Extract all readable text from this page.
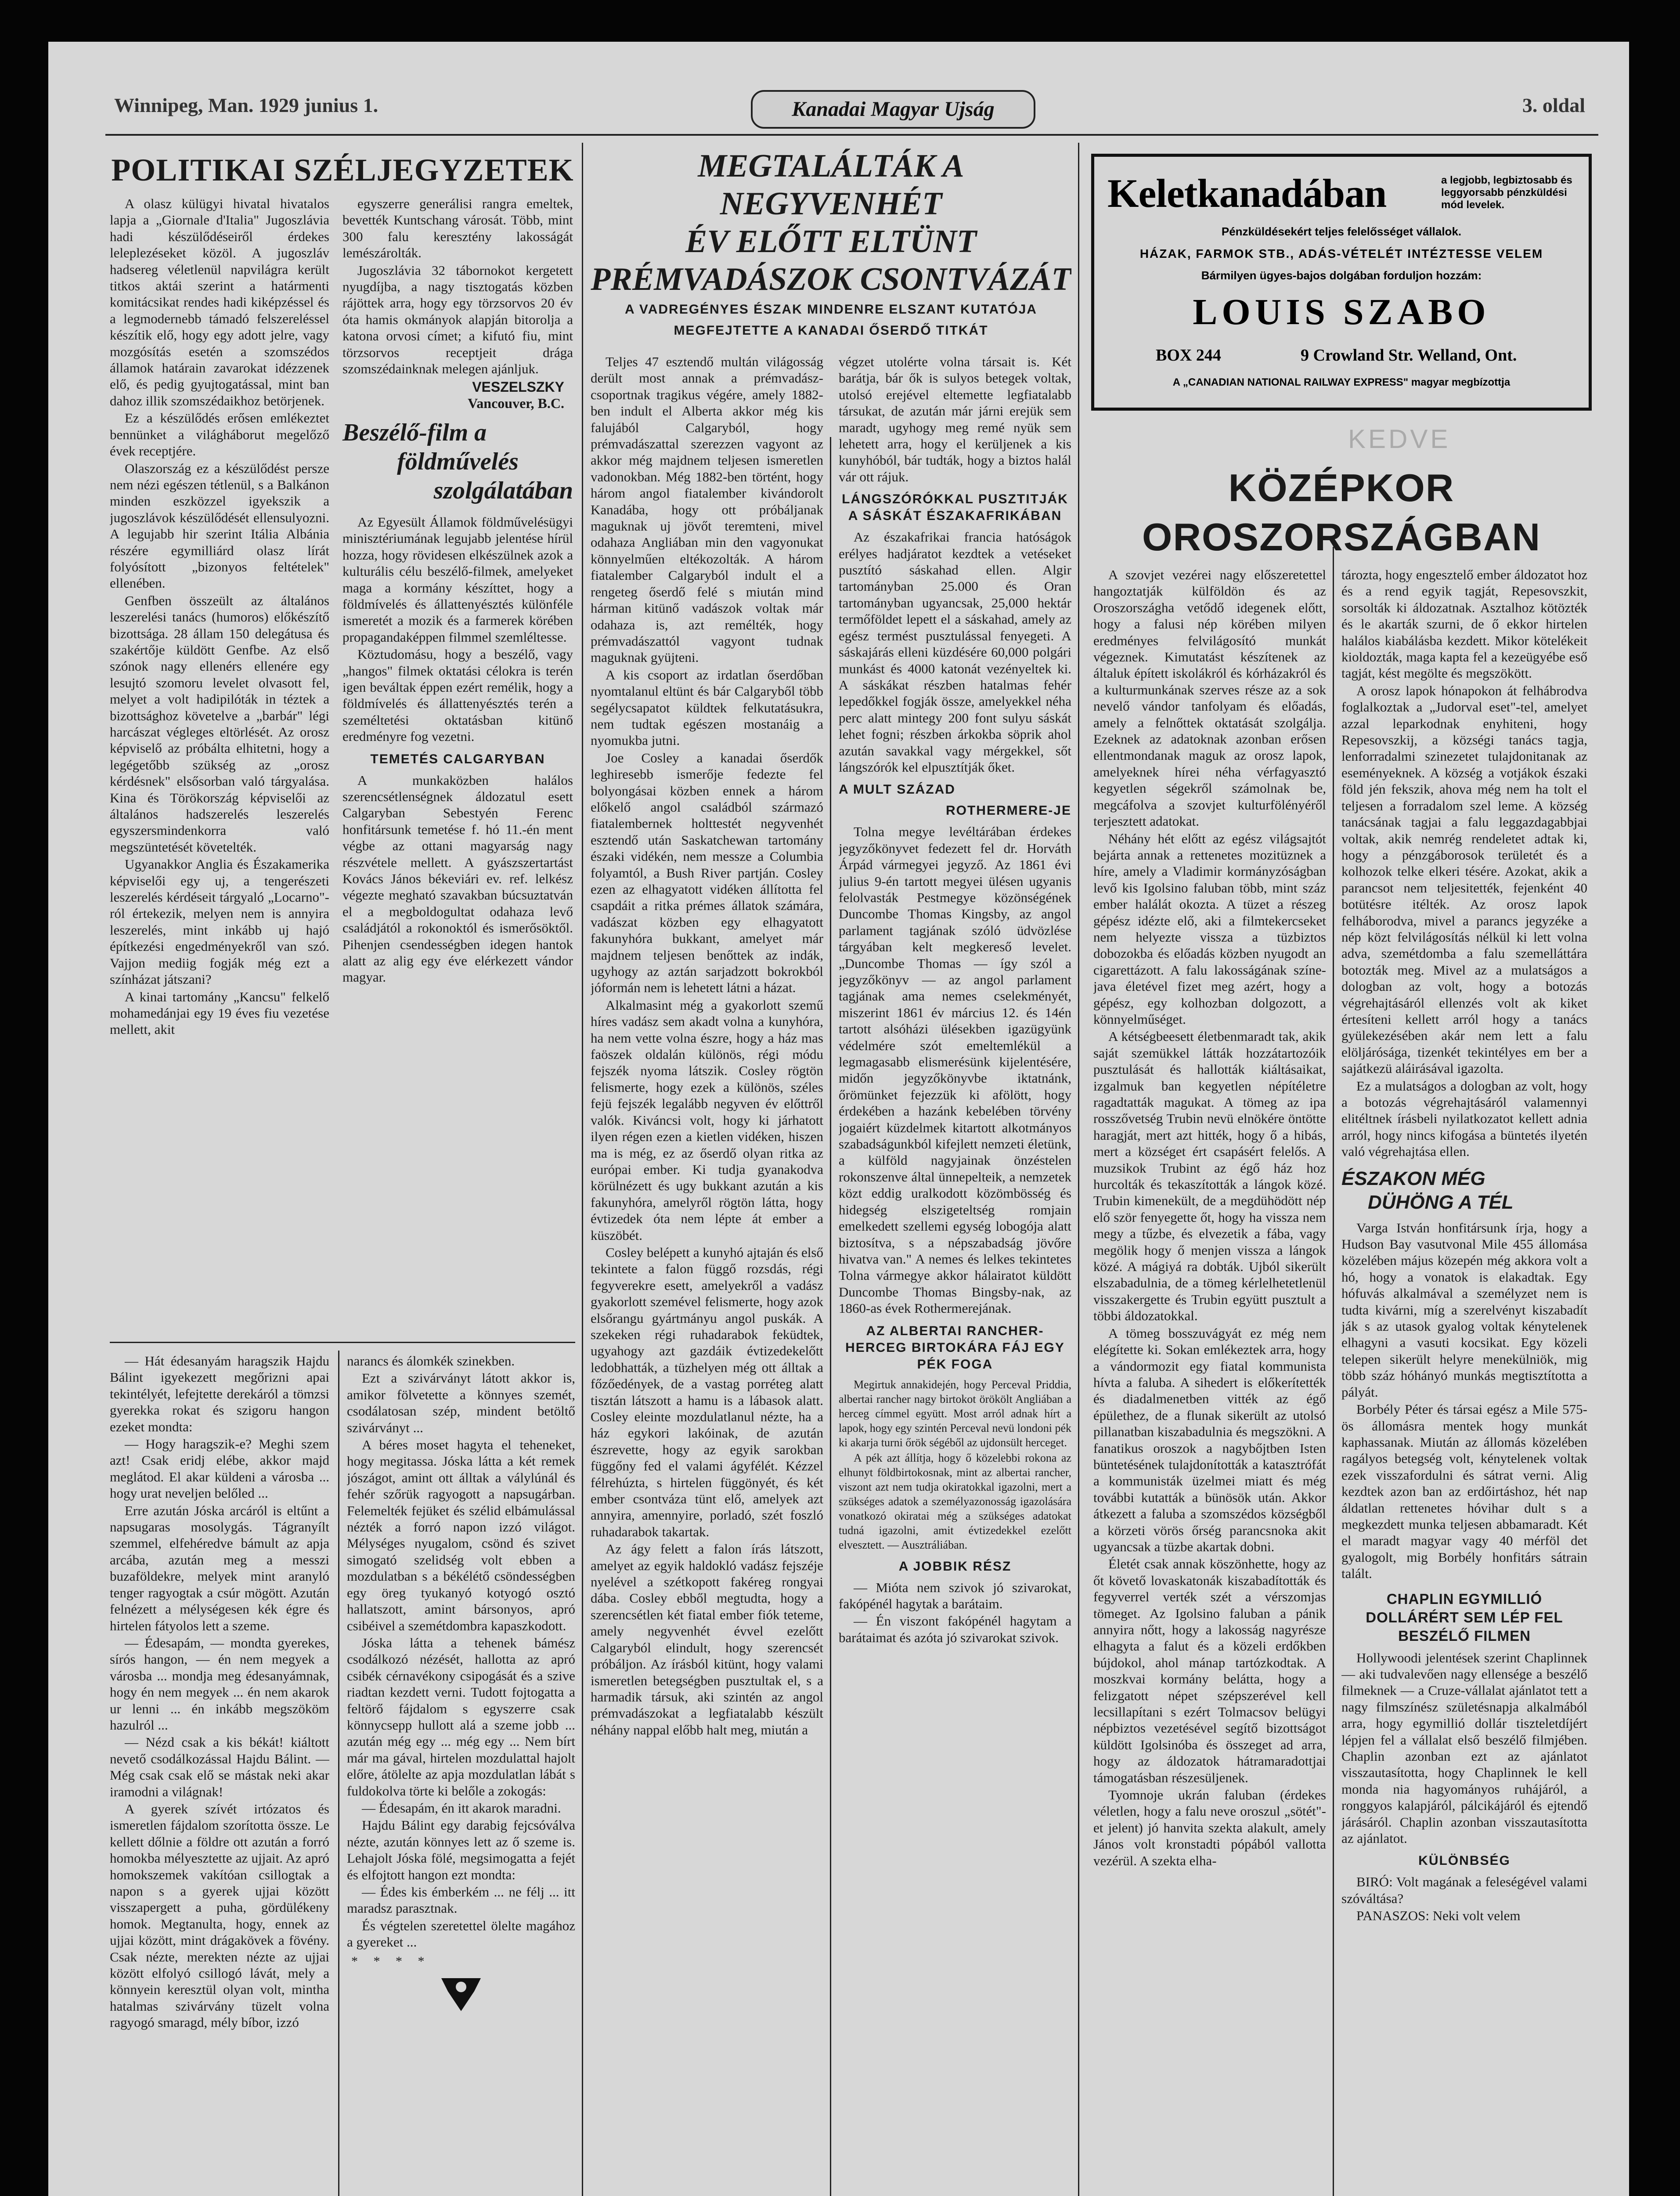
Winnipeg, Man. 1929 junius 1.	Kanadai Magyar Ujság	3. oldal
POLITIKAI SZÉLJEGYZETEK

A olasz külügyi hivatal hivatalos lapja a „Giornale d'Italia" Jugoszlávia hadi készülődéseiről érdekes leleplezéseket közöl. A jugoszláv hadsereg véletlenül napvilágra került titkos aktái szerint a határmenti komitácsikat rendes hadi kiképzéssel és a legmodernebb támadó felszereléssel készítik elő, hogy egy adott jelre, vagy mozgósítás esetén a szomszédos államok határain zavarokat idézzenek elő, és pedig gyujtogatással, mint ban dahoz illik szomszédaikhoz betörjenek.

Ez a készülődés erősen emlékeztet bennünket a világháborut megelőző évek receptjére.

Olaszország ez a készülődést persze nem nézi egészen tétlenül, s a Balkánon minden eszközzel igyekszik a jugoszlávok készülődését ellensulyozni. A legujabb hir szerint Itália Albánia részére egymilliárd olasz lírát folyósított „bizonyos feltételek" ellenében.

Genfben összeült az általános leszerelési tanács (humoros) előkészítő bizottsága. 28 állam 150 delegátusa és szakértője küldött Genfbe. Az első szónok nagy ellenérs ellenére egy lesujtó szomoru levelet olvasott fel, melyet a volt hadipilóták in téztek a bizottsághoz követelve a „barbár" légi harcászat végleges eltörlését. Az orosz képviselő az próbálta elhitetni, hogy a legégetőbb szükség az „orosz kérdésnek" elsősorban való tárgyalása. Kina és Törökország képviselői az általános hadszerelés leszerelés egyszersmindenkorra való megszüntetését követelték.

Ugyanakkor Anglia és Északamerika képviselői egy uj, a tengerészeti leszerelés kérdéseit tárgyaló „Locarno"-ról értekezik, melyen nem is annyira leszerelés, mint inkább uj hajó építkezési engedményekről van szó. Vajjon mediig fogják még ezt a színházat játszani?

A kinai tartomány „Kancsu" felkelő mohamedánjai egy 19 éves fiu vezetése mellett, akit

egyszerre generálisi rangra emeltek, bevették Kuntschang városát. Több, mint 300 falu keresztény lakosságát lemészárolták.

Jugoszlávia 32 tábornokot kergetett nyugdíjba, a nagy tisztogatás közben rájöttek arra, hogy egy törzsorvos 20 év óta hamis okmányok alapján bitorolja a katona orvosi címet; a kifutó fiu, mint törzsorvos receptjeit drága szomszédainknak melegen ajánljuk.

VESZELSZKY
Vancouver, B.C.
Beszélő-film a
földművelés
szolgálatában

Az Egyesült Államok földművelésügyi minisztériumának legujabb jelentése hírül hozza, hogy rövidesen elkészülnek azok a kulturális célu beszélő-filmek, amelyeket maga a kormány készíttet, hogy a földmívelés és állattenyésztés különféle ismeretét a mozik és a farmerek körében propagandaképpen filmmel szemléltesse.

Köztudomásu, hogy a beszélő, vagy „hangos" filmek oktatási célokra is terén igen beváltak éppen ezért remélik, hogy a földmívelés és állattenyésztés terén a személtetési oktatásban kitünő eredményre fog vezetni.

TEMETÉS CALGARYBAN

A munkaközben halálos szerencsétlenségnek áldozatul esett Calgaryban Sebestyén Ferenc honfitársunk temetése f. hó 11.-én ment végbe az ottani magyarság nagy részvétele mellett. A gyászszertartást Kovács János békeviári ev. ref. lelkész végezte megható szavakban búcsuztatván el a megboldogultat odahaza levő családjától a rokonoktól és ismerősöktől. Pihenjen csendességben idegen hantok alatt az alig egy éve elérkezett vándor magyar.

— Hát édesanyám haragszik Hajdu Bálint igyekezett megőrizni apai tekintélyét, lefejtette derekáról a tömzsi gyerekka rokat és szigoru hangon ezeket mondta:

— Hogy haragszik-e? Meghi szem azt! Csak eridj elébe, akkor majd meglátod. El akar küldeni a városba ... hogy urat neveljen belőled ...

Erre azután Jóska arcáról is eltűnt a napsugaras mosolygás. Tágranyílt szemmel, elfehéredve bámult az apja arcába, azután meg a messzi buzaföldekre, melyek mint aranyló tenger ragyogtak a csúr mögött. Azután felnézett a mélységesen kék égre és hirtelen fátyolos lett a szeme.

— Édesapám, — mondta gyerekes, sírós hangon, — én nem megyek a városba ... mondja meg édesanyámnak, hogy én nem megyek ... én nem akarok ur lenni ... én inkább megszököm hazulról ...

— Nézd csak a kis békát! kiáltott nevető csodálkozással Hajdu Bálint. — Még csak csak elő se mástak neki akar iramodni a világnak!

A gyerek szívét irtózatos és ismeretlen fájdalom szorította össze. Le kellett dőlnie a földre ott azután a forró homokba mélyesztette az ujjait. Az apró homokszemek vakítóan csillogtak a napon s a gyerek ujjai között visszapergett a puha, gördülékeny homok. Megtanulta, hogy, ennek az ujjai között, mint drágakövek a fövény. Csak nézte, merekten nézte az ujjai között elfolyó csillogó lávát, mely a könnyein keresztül olyan volt, mintha hatalmas szivárvány tüzelt volna ragyogó smaragd, mély bíbor, izzó

narancs és álomkék szinekben.

Ezt a szivárványt látott akkor is, amikor fölvetette a könnyes szemét, csodálatosan szép, mindent betöltő szivárványt ...

A béres moset hagyta el teheneket, hogy megitassa. Jóska látta a két remek jószágot, amint ott álltak a válylúnál és fehér szőrük ragyogott a napsugárban. Felemelték fejüket és szélid elbámulással nézték a forró napon izzó világot. Mélységes nyugalom, csönd és szivet simogató szelidség volt ebben a mozdulatban s a békélétő csöndességben egy öreg tyukanyó kotyogó osztó hallatszott, amint bársonyos, apró csibéivel a szemétdombra kapaszkodott.

Jóska látta a tehenek bámész csodálkozó nézését, hallotta az apró csibék cérnavékony csipogását és a szive riadtan kezdett verni. Tudott fojtogatta a feltörő fájdalom s egyszerre csak könnycsepp hullott alá a szeme jobb ... azután még egy ... még egy ... Nem bírt már ma gával, hirtelen mozdulattal hajolt előre, átölelte az apja mozdulatlan lábát s fuldokolva törte ki belőle a zokogás:

— Édesapám, én itt akarok maradni.

Hajdu Bálint egy darabig fejcsóválva nézte, azután könnyes lett az ő szeme is. Lehajolt Jóska fölé, megsimogatta a fejét és elfojtott hangon ezt mondta:

— Édes kis émberkém ... ne félj ... itt maradsz parasztnak.

És végtelen szeretettel ölelte magához a gyereket ...

* * * *
MEGTALÁLTÁK A NEGYVENHÉT
ÉV ELŐTT ELTÜNT
PRÉMVADÁSZOK CSONTVÁZÁT
A VADREGÉNYES ÉSZAK MINDENRE ELSZANT KUTATÓJA
MEGFEJTETTE A KANADAI ŐSERDŐ TITKÁT

Teljes 47 esztendő multán világosság derült most annak a prémvadász-csoportnak tragikus végére, amely 1882-ben indult el Alberta akkor még kis falujából Calgaryból, hogy prémvadászattal szerezzen vagyont az akkor még majdnem teljesen ismeretlen vadonokban. Még 1882-ben történt, hogy három angol fiatalember kivándorolt Kanadába, hogy ott próbáljanak maguknak uj jövőt teremteni, mivel odahaza Angliában min den vagyonukat könnyelműen eltékozolták. A három fiatalember Calgaryból indult el a rengeteg őserdő felé s miután mind hárman kitünő vadászok voltak már odahaza is, azt remélték, hogy prémvadászattól vagyont tudnak maguknak gyüjteni.

A kis csoport az irdatlan őserdőban nyomtalanul eltünt és bár Calgaryből több segélycsapatot küldtek felkutatásukra, nem tudtak egészen mostanáig a nyomukba jutni.

Joe Cosley a kanadai őserdők leghiresebb ismerője fedezte fel bolyongásai közben ennek a három előkelő angol családból származó fiatalembernek holttestét negyvenhét esztendő után Saskatchewan tartomány északi vidékén, nem messze a Columbia folyamtól, a Bush River partján. Cosley ezen az elhagyatott vidéken állította fel csapdáit a ritka prémes állatok számára, vadászat közben egy elhagyatott fakunyhóra bukkant, amelyet már majdnem teljesen benőttek az indák, ugyhogy az aztán sarjadzott bokrokból jóformán nem is lehetett látni a házat.

Alkalmasint még a gyakorlott szemű híres vadász sem akadt volna a kunyhóra, ha nem vette volna észre, hogy a ház mas faöszek oldalán különös, régi módu fejszék nyoma látszik. Cosley rögtön felismerte, hogy ezek a különös, széles fejü fejszék legalább negyven év előttről valók. Kiváncsi volt, hogy ki járhatott ilyen régen ezen a kietlen vidéken, hiszen ma is még, ez az őserdő olyan ritka az európai ember. Ki tudja gyanakodva körülnézett és ugy bukkant azután a kis fakunyhóra, amelyről rögtön látta, hogy évtizedek óta nem lépte át ember a küszöbét.

Cosley belépett a kunyhó ajtaján és első tekintete a falon függő rozsdás, régi fegyverekre esett, amelyekről a vadász gyakorlott szemével felismerte, hogy azok elsőrangu gyártmányu angol puskák. A szekeken régi ruhadarabok feküdtek, ugyahogy azt gazdáik évtizedekelőtt ledobhatták, a tüzhelyen még ott álltak a főzőedények, de a vastag porréteg alatt tisztán látszott a hamu is a lábasok alatt. Cosley eleinte mozdulatlanul nézte, ha a ház egykori lakóinak, de azután észrevette, hogy az egyik sarokban függőny fed el valami ágyfélét. Kézzel félrehúzta, s hirtelen függönyét, és két ember csontváza tünt elő, amelyek azt annyira, amennyire, porladó, szét foszló ruhadarabok takartak.

Az ágy felett a falon írás látszott, amelyet az egyik haldokló vadász fejszéje nyelével a szétkopott fakéreg rongyai dába. Cosley ebből megtudta, hogy a szerencsétlen két fiatal ember fiók teteme, amely negyvenhét évvel ezelőtt Calgaryból elindult, hogy szerencsét próbáljon. Az írásból kitünt, hogy valami ismeretlen betegségben pusztultak el, s a harmadik társuk, aki szintén az angol prémvadászokat a legfiatalabb készült néhány nappal előbb halt meg, miután a

végzet utolérte volna társait is. Két barátja, bár ők is sulyos betegek voltak, utolsó erejével eltemette legfiatalabb társukat, de azután már járni erejük sem maradt, ugyhogy meg remé nyük sem lehetett arra, hogy el kerüljenek a kis kunyhóból, bár tudták, hogy a biztos halál vár ott rájuk.

LÁNGSZÓRÓKKAL PUSZTITJÁK A SÁSKÁT ÉSZAKAFRIKÁBAN

Az északafrikai francia hatóságok erélyes hadjáratot kezdtek a vetéseket pusztító sáskahad ellen. Algir tartományban 25.000 és Oran tartományban ugyancsak, 25,000 hektár termőföldet lepett el a sáskahad, amely az egész termést pusztulással fenyegeti. A sáskajárás elleni küzdésére 60,000 polgári munkást és 4000 katonát vezényeltek ki. A sáskákat részben hatalmas fehér lepedőkkel fogják össze, amelyekkel néha perc alatt mintegy 200 font sulyu sáskát lehet fogni; részben árkokba söprik ahol azután savakkal vagy mérgekkel, sőt lángszórók kel elpusztítják őket.

A MULT SZÁZAD
ROTHERMERE-JE

Tolna megye levéltárában érdekes jegyzőkönyvet fedezett fel dr. Horváth Árpád vármegyei jegyző. Az 1861 évi julius 9-én tartott megyei ülésen ugyanis felolvasták Pestmegye közönségének Duncombe Thomas Kingsby, az angol parlament tagjának szóló üdvözlése tárgyában kelt megkereső levelet. „Duncombe Thomas — így szól a jegyzőkönyv — az angol parlament tagjának ama nemes cselekményét, miszerint 1861 év március 12. és 14én tartott alsóházi ülésekben igazügyünk védelmére szót emeltemlékül a legmagasabb elismerésünk kijelentésére, midőn jegyzőkönyvbe iktatnánk, őrömünket fejezzük ki afölött, hogy érdekében a hazánk kebelében törvény jogaiért küzdelmek kitartott alkotmányos szabadságunkból kifejlett nemzeti életünk, a külföld nagyjainak önzéstelen rokonszenve által ünnepelteik, a nemzetek közt eddig uralkodott közömbösség és hidegség elszigeteltség romjain emelkedett szellemi egység lobogója alatt biztosítva, s a népszabadság jövőre hivatva van." A nemes és lelkes tekintetes Tolna vármegye akkor hálairatot küldött Duncombe Thomas Bingsby-nak, az 1860-as évek Rothermerejának.

AZ ALBERTAI RANCHER-HERCEG BIRTOKÁRA FÁJ EGY PÉK FOGA

Megirtuk annakidején, hogy Perceval Priddia, albertai rancher nagy birtokot örökölt Angliában a herceg címmel együtt. Most arról adnak hírt a lapok, hogy egy szintén Perceval nevü londoni pék ki akarja turni őrök ségéből az ujdonsült herceget.

A pék azt állítja, hogy ő közelebbi rokona az elhunyt földbirtokosnak, mint az albertai rancher, viszont azt nem tudja okiratokkal igazolni, mert a szükséges adatok a személyazonosság igazolására vonatkozó okiratai még a szükséges adatokat tudná igazolni, amit évtizedekkel ezelőtt elvesztett. — Ausztráliában.

A JOBBIK RÉSZ

— Mióta nem szivok jó szivarokat, fakópénél hagytak a barátaim.

— Én viszont fakópénél hagytam a barátaimat és azóta jó szivarokat szivok.

Keletkanadában	a legjobb, legbiztosabb és leggyorsabb pénzküldési mód levelek.
Pénzküldésekért teljes felelősséget vállalok.
HÁZAK, FARMOK STB., ADÁS-VÉTELÉT INTÉZTESSE VELEM
Bármilyen ügyes-bajos dolgában forduljon hozzám:
LOUIS SZABO
BOX 244	9 Crowland Str. Welland, Ont.
A „CANADIAN NATIONAL RAILWAY EXPRESS" magyar megbízottja
KEDVE
KÖZÉPKOR
OROSZORSZÁGBAN

A szovjet vezérei nagy előszeretettel hangoztatják külföldön és az Oroszországha vetődő idegenek előtt, hogy a falusi nép körében milyen eredményes felvilágosító munkát végeznek. Kimutatást készítenek az általuk épített iskolákról és kórházakról és a kulturmunkának szerves része az a sok nevelő vándor tanfolyam és előadás, amely a felnőttek oktatását szolgálja. Ezeknek az adatoknak azonban erősen ellentmondanak maguk az orosz lapok, amelyeknek hírei néha vérfagyasztó kegyetlen ségekről számolnak be, megcáfolva a szovjet kulturfölényéről terjesztett adatokat.

Néhány hét előtt az egész világsajtót bejárta annak a rettenetes mozitüznek a híre, amely a Vladimir kormányzóságban levő kis Igolsino faluban több, mint száz ember halálát okozta. A tüzet a részeg gépész idézte elő, aki a filmtekercseket nem helyezte vissza a tüzbiztos dobozokba és előadás közben nyugodt an cigarettázott. A falu lakosságának színe-java életével fizet meg azért, hogy a gépész, egy kolhozban dolgozott, a könnyelműséget.

A kétségbeesett életbenmaradt tak, akik saját szemükkel látták hozzátartozóik pusztulását és hallották kiáltásaikat, izgalmuk ban kegyetlen népítéletre ragadtatták magukat. A tömeg az ipa rosszővetség Trubin nevü elnökére öntötte haragját, mert azt hitték, hogy ő a hibás, mert a községet ért csapásért felelős. A muzsikok Trubint az égő ház hoz hurcolták és tekaszították a lángok közé. Trubin kimenekült, de a megdühödött nép elő ször fenyegette őt, hogy ha vissza nem megy a tűzbe, és elvezetik a fába, vagy megölik hogy ő menjen vissza a lángok közé. A mágiyá ra dobták. Ujból sikerült elszabadulnia, de a tömeg kérlelhetetlenül visszakergette és Trubin együtt pusztult a többi áldozatokkal.

A tömeg bosszuvágyát ez még nem elégítette ki. Sokan emlékeztek arra, hogy a vándormozit egy fiatal kommunista hívta a faluba. A sihedert is előkerítették és diadalmenetben vitték az égő épülethez, de a flunak sikerült az utolsó pillanatban kiszabadulnia és megszökni. A fanatikus oroszok a nagybőjtben Isten büntetésének tulajdonították a katasztrófát a kommunisták üzelmei miatt és még további kutatták a bünösök után. Akkor átkezett a faluba a szomszédos községből a körzeti vörös őrség parancsnoka akit ugyancsak a tüzbe akartak dobni.

Életét csak annak köszönhette, hogy az őt követő lovaskatonák kiszabadították és fegyverrel verték szét a vérszomjas tömeget. Az Igolsino faluban a pánik annyira nőtt, hogy a lakosság nagyrésze elhagyta a falut és a közeli erdőkben bújdokol, ahol mánap tartózkodtak. A moszkvai kormány belátta, hogy a felizgatott népet szépszerével kell lecsillapítani s ezért Tolmacsov belügyi népbiztos vezetésével segítő bizottságot küldött Igolsinóba és összeget ad arra, hogy az áldozatok hátramaradottjai támogatásban részesüljenek.

Tyomnoje ukrán faluban (érdekes véletlen, hogy a falu neve oroszul „sötét"-et jelent) jó hanvita szekta alakult, amely János volt kronstadti pópából vallotta vezérül. A szekta elha-

tározta, hogy engesztelő ember áldozatot hoz és a rend egyik tagját, Repesovszkit, sorsolták ki áldozatnak. Asztalhoz kötözték és le akarták szurni, de ő ekkor hirtelen halálos kiabálásba kezdett. Mikor kötelékeit kioldozták, maga kapta fel a kezeügyébe eső tagját, kést megölte és megszökött.

A orosz lapok hónapokon át felhábrodva foglalkoztak a „Judorval eset"-tel, amelyet azzal leparkodnak enyhiteni, hogy Repesovszkij, a községi tanács tagja, lenforradalmi szinezetet tulajdonitanak az eseményeknek. A község a votjákok északi föld jén fekszik, ahova még nem ha tolt el teljesen a forradalom szel leme. A község tanácsának tagjai a falu leggazdagabbjai voltak, akik nemrég rendeletet adtak ki, hogy a pénzgáborosok területét és a kolhozok telke elkeri tésére. Azokat, akik a parancsot nem teljesitették, fejenként 40 botütésre itélték. Az orosz lapok felháborodva, mivel a parancs jegyzéke a nép közt felvilágosítás nélkül ki lett volna adva, szemétdomba a falu szemelláttára botozták meg. Mivel az a mulatságos a dologban az volt, hogy a botozás végrehajtásáról ellenzés volt ak kiket értesíteni kellett arról hogy a tanács gyülekezésében akár nem lett a falu elöljárósága, tizenkét tekintélyes em ber a sajátkezü aláirásával igazolta.

Ez a mulatságos a dologban az volt, hogy a botozás végrehajtásáról valamennyi elitéltnek írásbeli nyilatkozatot kellett adnia arról, hogy nincs kifogása a büntetés ilyetén való végrehajtása ellen.

ÉSZAKON MÉG
DÜHÖNG A TÉL

Varga István honfitársunk írja, hogy a Hudson Bay vasutvonal Mile 455 állomása közelében május közepén még akkora volt a hó, hogy a vonatok is elakadtak. Egy hófuvás alkalmával a személyzet nem is tudta kivárni, míg a szerelvényt kiszabadít ják s az utasok gyalog voltak kénytelenek elhagyni a vasuti kocsikat. Egy közeli telepen sikerült helyre menekülniök, mig több száz hóhányó munkás megtisztította a pályát.

Borbély Péter és társai egész a Mile 575-ös állomásra mentek hogy munkát kaphassanak. Miután az állomás közelében ragályos betegség volt, kénytelenek voltak ezek visszafordulni és sátrat verni. Alig kezdtek azon ban az erdőirtáshoz, hét nap áldatlan rettenetes hóvihar dult s a megkezdett munka teljesen abbamaradt. Két el maradt magyar vagy 40 mérföl det gyalogolt, mig Borbély honfitárs sátrain talált.

CHAPLIN EGYMILLIÓ DOLLÁRÉRT SEM LÉP FEL BESZÉLŐ FILMEN

Hollywoodi jelentések szerint Chaplinnek — aki tudvalevően nagy ellensége a beszélő filmeknek — a Cruze-vállalat ajánlatot tett a nagy filmszínész születésnapja alkalmából arra, hogy egymillió dollár tiszteletdíjért lépjen fel a vállalat első beszélő filmjében. Chaplin azonban ezt az ajánlatot visszautasította, hogy Chaplinnek le kell monda nia hagyományos ruhájáról, a ronggyos kalapjáról, pálcikájáról és ejtendő járásáról. Chaplin azonban visszautasította az ajánlatot.

KÜLÖNBSÉG

BIRÓ: Volt magának a feleségével valami szóváltása?

PANASZOS: Neki volt velem
